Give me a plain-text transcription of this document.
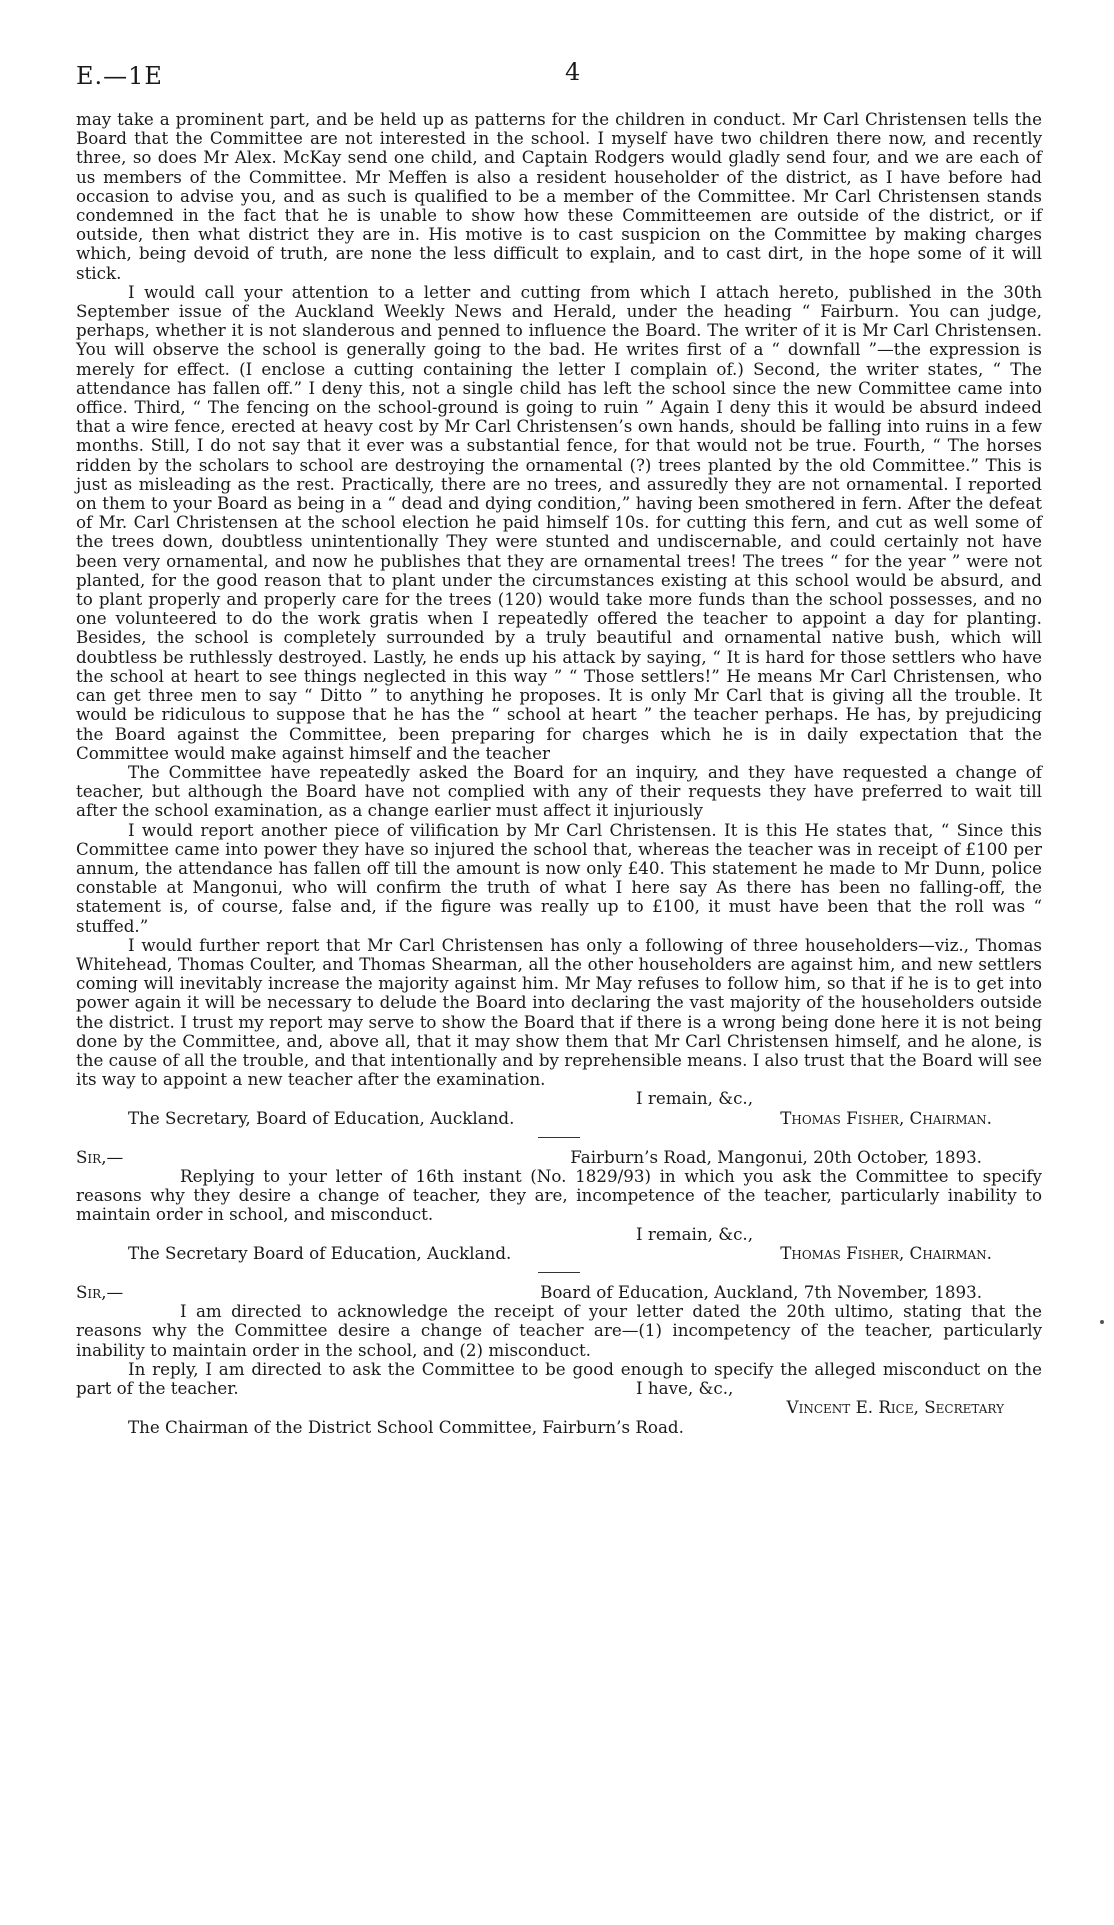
E.—1E	4

may take a prominent part, and be held up as patterns for the children in conduct. Mr Carl Christensen tells the Board that the Committee are not interested in the school. I myself have two children there now, and recently three, so does Mr Alex. McKay send one child, and Captain Rodgers would gladly send four, and we are each of us members of the Committee. Mr Meffen is also a resident householder of the district, as I have before had occasion to advise you, and as such is qualified to be a member of the Committee. Mr Carl Christensen stands condemned in the fact that he is unable to show how these Committeemen are outside of the district, or if outside, then what district they are in. His motive is to cast suspicion on the Committee by making charges which, being devoid of truth, are none the less difficult to explain, and to cast dirt, in the hope some of it will stick.

I would call your attention to a letter and cutting from which I attach hereto, published in the 30th September issue of the Auckland Weekly News and Herald, under the heading “ Fairburn. You can judge, perhaps, whether it is not slanderous and penned to influence the Board. The writer of it is Mr Carl Christensen. You will observe the school is generally going to the bad. He writes first of a “ downfall ”—the expression is merely for effect. (I enclose a cutting containing the letter I complain of.) Second, the writer states, “ The attendance has fallen off.” I deny this, not a single child has left the school since the new Committee came into office. Third, “ The fencing on the school-ground is going to ruin ” Again I deny this it would be absurd indeed that a wire fence, erected at heavy cost by Mr Carl Christensen’s own hands, should be falling into ruins in a few months. Still, I do not say that it ever was a substantial fence, for that would not be true. Fourth, “ The horses ridden by the scholars to school are destroying the ornamental (?) trees planted by the old Committee.” This is just as misleading as the rest. Practically, there are no trees, and assuredly they are not ornamental. I reported on them to your Board as being in a “ dead and dying condition,” having been smothered in fern. After the defeat of Mr. Carl Christensen at the school election he paid himself 10s. for cutting this fern, and cut as well some of the trees down, doubtless unintentionally They were stunted and undiscernable, and could certainly not have been very ornamental, and now he publishes that they are ornamental trees! The trees “ for the year ” were not planted, for the good reason that to plant under the circumstances existing at this school would be absurd, and to plant properly and properly care for the trees (120) would take more funds than the school possesses, and no one volunteered to do the work gratis when I repeatedly offered the teacher to appoint a day for planting. Besides, the school is completely surrounded by a truly beautiful and ornamental native bush, which will doubtless be ruthlessly destroyed. Lastly, he ends up his attack by saying, “ It is hard for those settlers who have the school at heart to see things neglected in this way ” “ Those settlers!” He means Mr Carl Christensen, who can get three men to say “ Ditto ” to anything he proposes. It is only Mr Carl that is giving all the trouble. It would be ridiculous to suppose that he has the “ school at heart ” the teacher perhaps. He has, by prejudicing the Board against the Committee, been preparing for charges which he is in daily expectation that the Committee would make against himself and the teacher

The Committee have repeatedly asked the Board for an inquiry, and they have requested a change of teacher, but although the Board have not complied with any of their requests they have preferred to wait till after the school examination, as a change earlier must affect it injuriously

I would report another piece of vilification by Mr Carl Christensen. It is this He states that, “ Since this Committee came into power they have so injured the school that, whereas the teacher was in receipt of £100 per annum, the attendance has fallen off till the amount is now only £40. This statement he made to Mr Dunn, police constable at Mangonui, who will confirm the truth of what I here say As there has been no falling-off, the statement is, of course, false and, if the figure was really up to £100, it must have been that the roll was “ stuffed.”

I would further report that Mr Carl Christensen has only a following of three householders—viz., Thomas Whitehead, Thomas Coulter, and Thomas Shearman, all the other householders are against him, and new settlers coming will inevitably increase the majority against him. Mr May refuses to follow him, so that if he is to get into power again it will be necessary to delude the Board into declaring the vast majority of the householders outside the district. I trust my report may serve to show the Board that if there is a wrong being done here it is not being done by the Committee, and, above all, that it may show them that Mr Carl Christensen himself, and he alone, is the cause of all the trouble, and that intentionally and by reprehensible means. I also trust that the Board will see its way to appoint a new teacher after the examination.

I remain, &c.,

The Secretary, Board of Education, Auckland.	Thomas Fisher, Chairman.
Sir,—	Fairburn’s Road, Mangonui, 20th October, 1893.

Replying to your letter of 16th instant (No. 1829/93) in which you ask the Committee to specify reasons why they desire a change of teacher, they are, incompetence of the teacher, particularly inability to maintain order in school, and misconduct.

I remain, &c.,

The Secretary Board of Education, Auckland.	Thomas Fisher, Chairman.
Sir,—	Board of Education, Auckland, 7th November, 1893.

I am directed to acknowledge the receipt of your letter dated the 20th ultimo, stating that the reasons why the Committee desire a change of teacher are—(1) incompetency of the teacher, particularly inability to maintain order in the school, and (2) misconduct.

In reply, I am directed to ask the Committee to be good enough to specify the alleged misconduct on the part of the teacher.	I have, &c.,

Vincent E. Rice, Secretary

The Chairman of the District School Committee, Fairburn’s Road.
